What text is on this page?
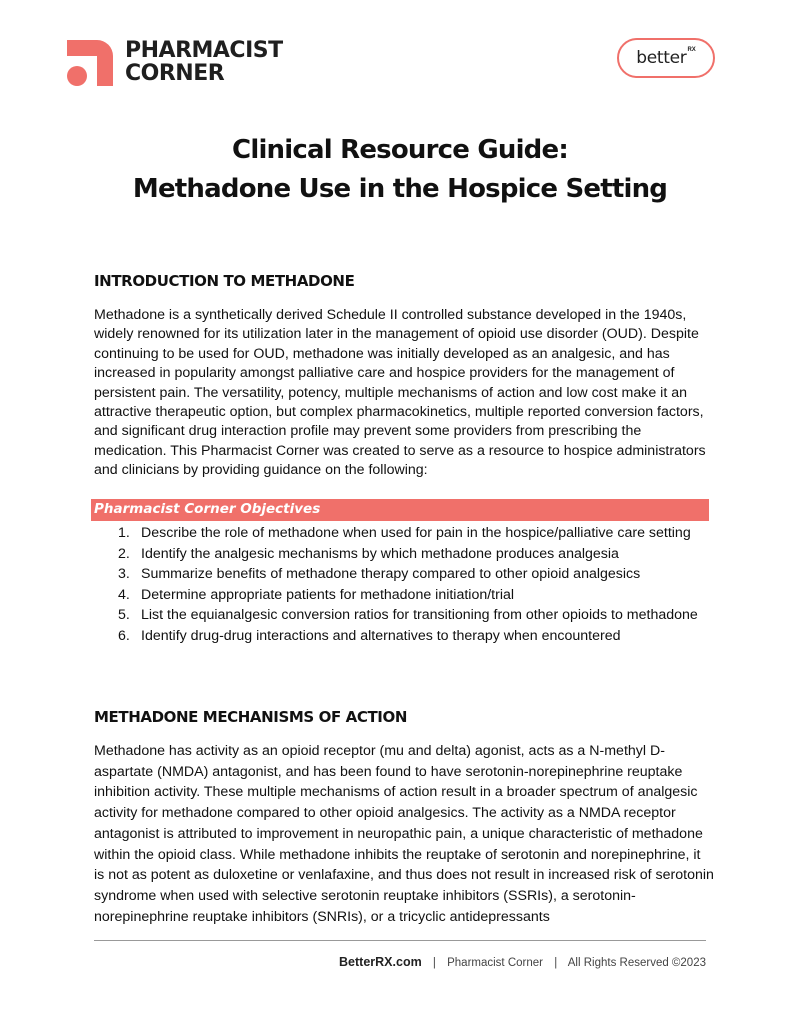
PHARMACIST
CORNER
better RX
Clinical Resource Guide:
Methadone Use in the Hospice Setting
INTRODUCTION TO METHADONE
Methadone is a synthetically derived Schedule II controlled substance developed in the 1940s, widely renowned for its utilization later in the management of opioid use disorder (OUD). Despite continuing to be used for OUD, methadone was initially developed as an analgesic, and has increased in popularity amongst palliative care and hospice providers for the management of persistent pain. The versatility, potency, multiple mechanisms of action and low cost make it an attractive therapeutic option, but complex pharmacokinetics, multiple reported conversion factors, and significant drug interaction profile may prevent some providers from prescribing the medication. This Pharmacist Corner was created to serve as a resource to hospice administrators and clinicians by providing guidance on the following:
Pharmacist Corner Objectives
1. Describe the role of methadone when used for pain in the hospice/palliative care setting
2. Identify the analgesic mechanisms by which methadone produces analgesia
3. Summarize benefits of methadone therapy compared to other opioid analgesics
4. Determine appropriate patients for methadone initiation/trial
5. List the equianalgesic conversion ratios for transitioning from other opioids to methadone
6. Identify drug-drug interactions and alternatives to therapy when encountered
METHADONE MECHANISMS OF ACTION
Methadone has activity as an opioid receptor (mu and delta) agonist, acts as a N-methyl D-aspartate (NMDA) antagonist, and has been found to have serotonin-norepinephrine reuptake inhibition activity. These multiple mechanisms of action result in a broader spectrum of analgesic activity for methadone compared to other opioid analgesics. The activity as a NMDA receptor antagonist is attributed to improvement in neuropathic pain, a unique characteristic of methadone within the opioid class. While methadone inhibits the reuptake of serotonin and norepinephrine, it is not as potent as duloxetine or venlafaxine, and thus does not result in increased risk of serotonin syndrome when used with selective serotonin reuptake inhibitors (SSRIs), a serotonin-norepinephrine reuptake inhibitors (SNRIs), or a tricyclic antidepressants
BetterRX.com | Pharmacist Corner | All Rights Reserved ©2023
